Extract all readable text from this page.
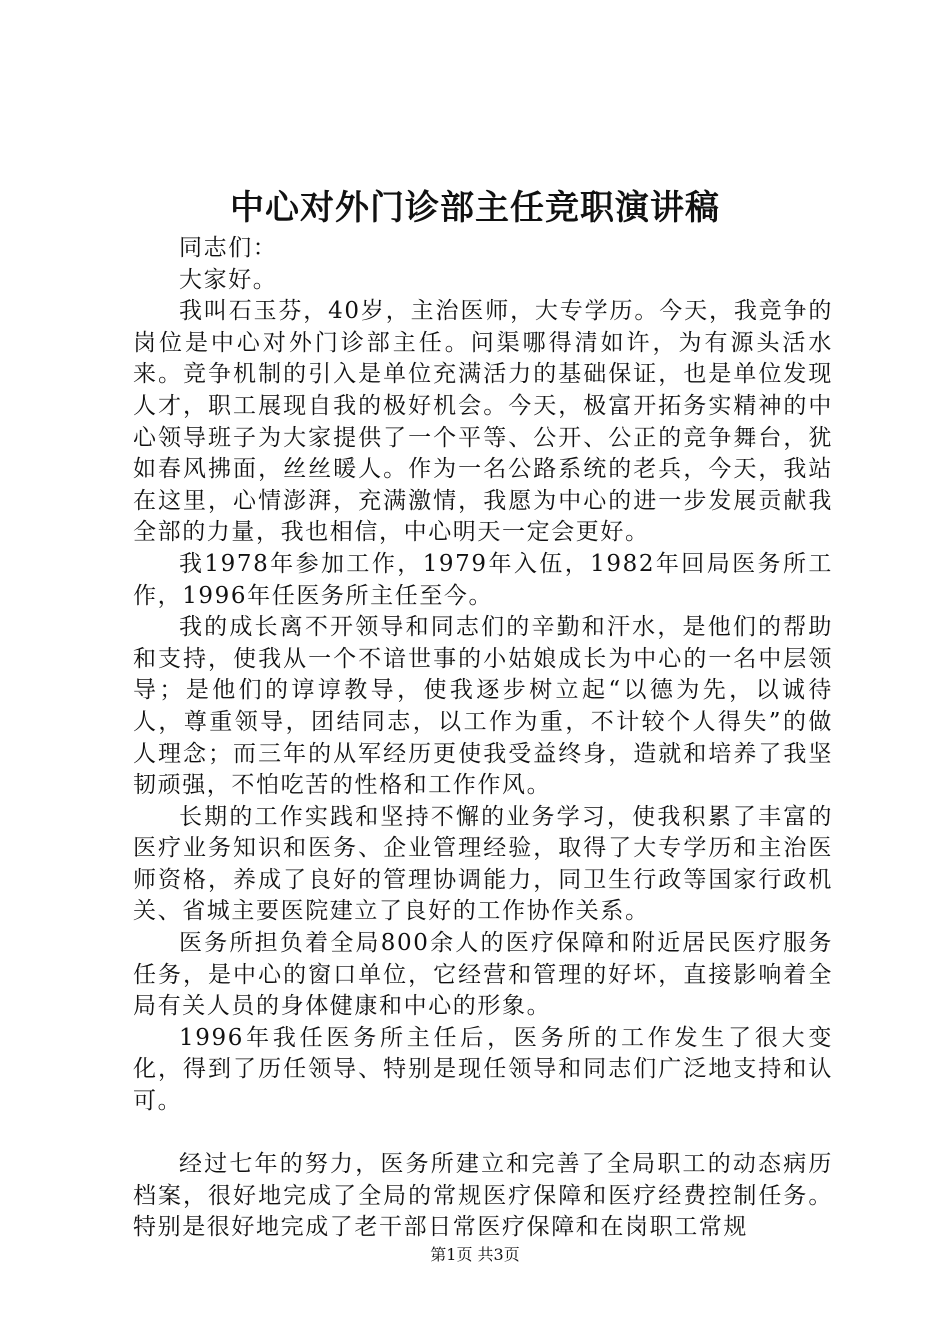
中心对外门诊部主任竞职演讲稿

同志们：

大家好。

我叫石玉芬，40岁，主治医师，大专学历。今天，我竞争的岗位是中心对外门诊部主任。问渠哪得清如许，为有源头活水来。竞争机制的引入是单位充满活力的基础保证，也是单位发现人才，职工展现自我的极好机会。今天，极富开拓务实精神的中心领导班子为大家提供了一个平等、公开、公正的竞争舞台，犹如春风拂面，丝丝暖人。作为一名公路系统的老兵，今天，我站在这里，心情澎湃，充满激情，我愿为中心的进一步发展贡献我全部的力量，我也相信，中心明天一定会更好。

我1978年参加工作，1979年入伍，1982年回局医务所工作，1996年任医务所主任至今。

我的成长离不开领导和同志们的辛勤和汗水，是他们的帮助和支持，使我从一个不谙世事的小姑娘成长为中心的一名中层领导；是他们的谆谆教导，使我逐步树立起“以德为先，以诚待人，尊重领导，团结同志，以工作为重，不计较个人得失”的做人理念；而三年的从军经历更使我受益终身，造就和培养了我坚韧顽强，不怕吃苦的性格和工作作风。

长期的工作实践和坚持不懈的业务学习，使我积累了丰富的医疗业务知识和医务、企业管理经验，取得了大专学历和主治医师资格，养成了良好的管理协调能力，同卫生行政等国家行政机关、省城主要医院建立了良好的工作协作关系。

医务所担负着全局800余人的医疗保障和附近居民医疗服务任务，是中心的窗口单位，它经营和管理的好坏，直接影响着全局有关人员的身体健康和中心的形象。

1996年我任医务所主任后，医务所的工作发生了很大变化，得到了历任领导、特别是现任领导和同志们广泛地支持和认可。

经过七年的努力，医务所建立和完善了全局职工的动态病历档案，很好地完成了全局的常规医疗保障和医疗经费控制任务。特别是很好地完成了老干部日常医疗保障和在岗职工常规

第1页 共3页
